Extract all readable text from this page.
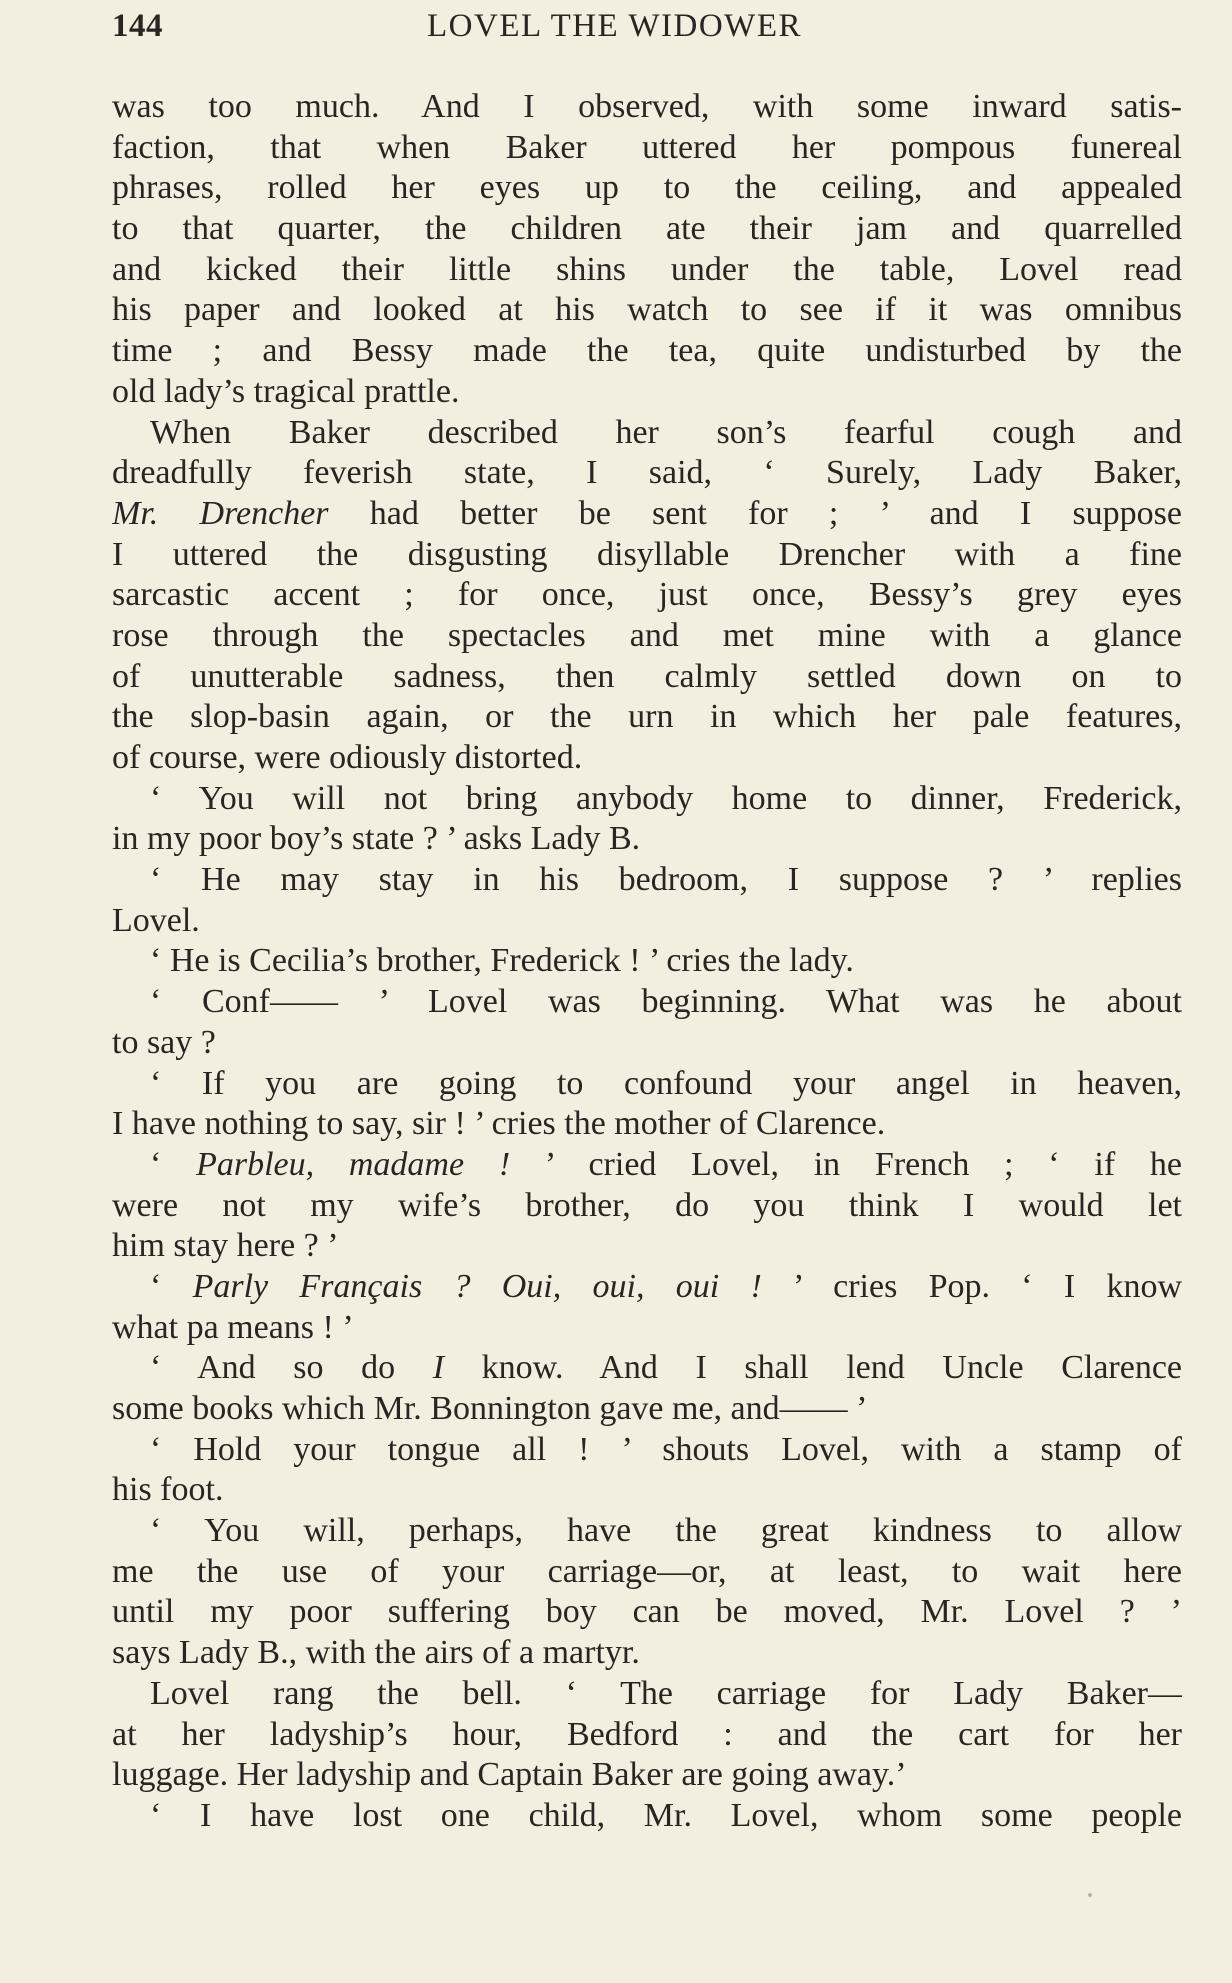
144	LOVEL THE WIDOWER
was too much. And I observed, with some inward satis-
faction, that when Baker uttered her pompous funereal
phrases, rolled her eyes up to the ceiling, and appealed
to that quarter, the children ate their jam and quarrelled
and kicked their little shins under the table, Lovel read
his paper and looked at his watch to see if it was omnibus
time ; and Bessy made the tea, quite undisturbed by the
old lady’s tragical prattle.
When Baker described her son’s fearful cough and
dreadfully feverish state, I said, ‘ Surely, Lady Baker,
Mr. Drencher had better be sent for ; ’ and I suppose
I uttered the disgusting disyllable Drencher with a fine
sarcastic accent ; for once, just once, Bessy’s grey eyes
rose through the spectacles and met mine with a glance
of unutterable sadness, then calmly settled down on to
the slop-basin again, or the urn in which her pale features,
of course, were odiously distorted.
‘ You will not bring anybody home to dinner, Frederick,
in my poor boy’s state ? ’ asks Lady B.
‘ He may stay in his bedroom, I suppose ? ’ replies
Lovel.
‘ He is Cecilia’s brother, Frederick ! ’ cries the lady.
‘ Conf—— ’ Lovel was beginning. What was he about
to say ?
‘ If you are going to confound your angel in heaven,
I have nothing to say, sir ! ’ cries the mother of Clarence.
‘ Parbleu, madame ! ’ cried Lovel, in French ; ‘ if he
were not my wife’s brother, do you think I would let
him stay here ? ’
‘ Parly Français ? Oui, oui, oui ! ’ cries Pop. ‘ I know
what pa means ! ’
‘ And so do I know. And I shall lend Uncle Clarence
some books which Mr. Bonnington gave me, and—— ’
‘ Hold your tongue all ! ’ shouts Lovel, with a stamp of
his foot.
‘ You will, perhaps, have the great kindness to allow
me the use of your carriage—or, at least, to wait here
until my poor suffering boy can be moved, Mr. Lovel ? ’
says Lady B., with the airs of a martyr.
Lovel rang the bell. ‘ The carriage for Lady Baker—
at her ladyship’s hour, Bedford : and the cart for her
luggage. Her ladyship and Captain Baker are going away.’
‘ I have lost one child, Mr. Lovel, whom some people
